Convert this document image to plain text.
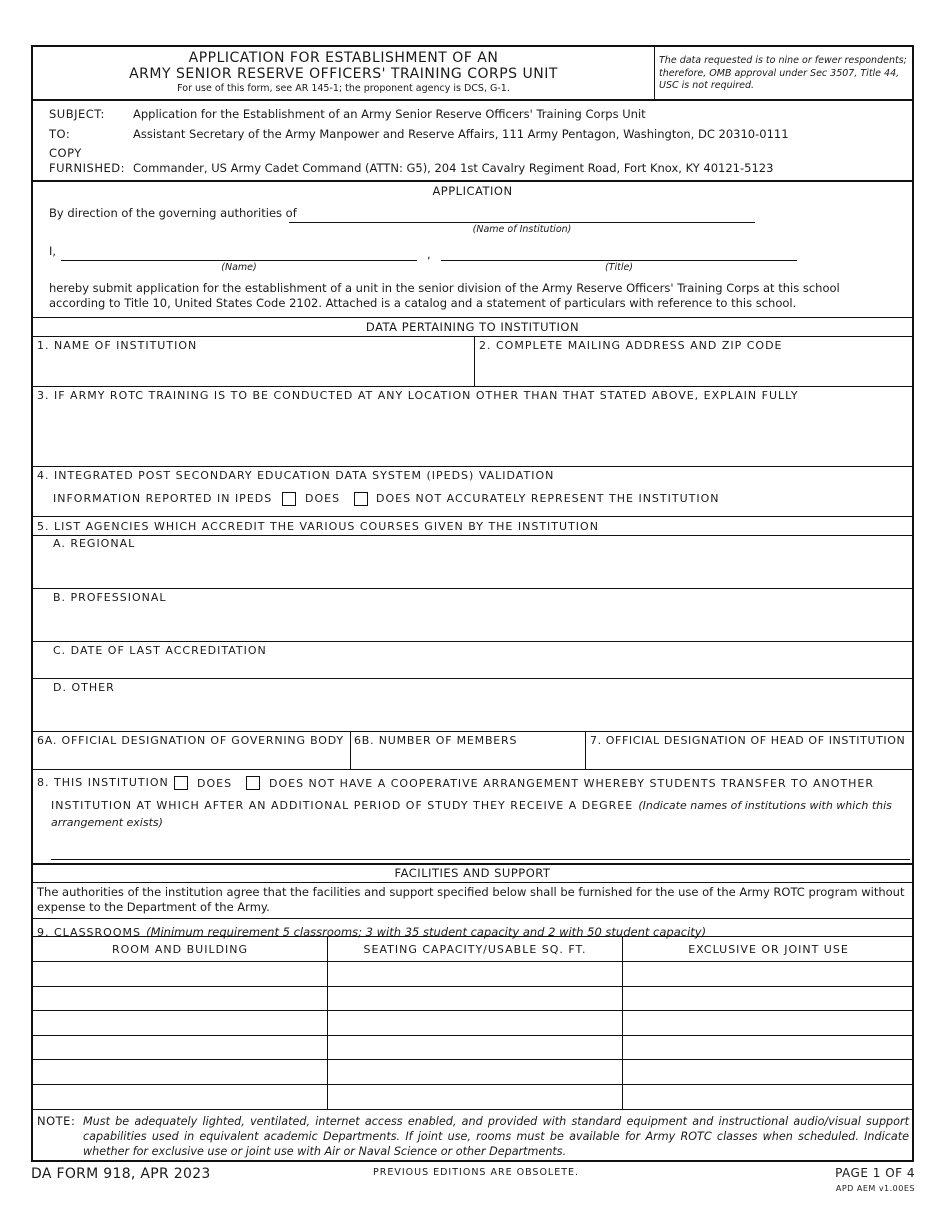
APPLICATION FOR ESTABLISHMENT OF AN
ARMY SENIOR RESERVE OFFICERS' TRAINING CORPS UNIT
For use of this form, see AR 145-1; the proponent agency is DCS, G-1.
The data requested is to nine or fewer respondents; therefore, OMB approval under Sec 3507, Title 44, USC is not required.
SUBJECT: Application for the Establishment of an Army Senior Reserve Officers' Training Corps Unit
TO:	Assistant Secretary of the Army Manpower and Reserve Affairs, 111 Army Pentagon, Washington, DC 20310-0111
COPY
FURNISHED: Commander, US Army Cadet Command (ATTN: G5), 204 1st Cavalry Regiment Road, Fort Knox, KY 40121-5123
APPLICATION
By direction of the governing authorities of
(Name of Institution)
I,	,
(Name)	(Title)
hereby submit application for the establishment of a unit in the senior division of the Army Reserve Officers' Training Corps at this school according to Title 10, United States Code 2102. Attached is a catalog and a statement of particulars with reference to this school.
DATA PERTAINING TO INSTITUTION
1. NAME OF INSTITUTION	2. COMPLETE MAILING ADDRESS AND ZIP CODE
3. IF ARMY ROTC TRAINING IS TO BE CONDUCTED AT ANY LOCATION OTHER THAN THAT STATED ABOVE, EXPLAIN FULLY
4. INTEGRATED POST SECONDARY EDUCATION DATA SYSTEM (IPEDS) VALIDATION
INFORMATION REPORTED IN IPEDS	DOES	DOES NOT ACCURATELY REPRESENT THE INSTITUTION
5. LIST AGENCIES WHICH ACCREDIT THE VARIOUS COURSES GIVEN BY THE INSTITUTION
A. REGIONAL
B. PROFESSIONAL
C. DATE OF LAST ACCREDITATION
D. OTHER
6A. OFFICIAL DESIGNATION OF GOVERNING BODY 6B. NUMBER OF MEMBERS	7. OFFICIAL DESIGNATION OF HEAD OF INSTITUTION
8. THIS INSTITUTION	DOES	DOES NOT HAVE A COOPERATIVE ARRANGEMENT WHEREBY STUDENTS TRANSFER TO ANOTHER
INSTITUTION AT WHICH AFTER AN ADDITIONAL PERIOD OF STUDY THEY RECEIVE A DEGREE (Indicate names of institutions with which this arrangement exists)
FACILITIES AND SUPPORT
The authorities of the institution agree that the facilities and support specified below shall be furnished for the use of the Army ROTC program without expense to the Department of the Army.
9. CLASSROOMS (Minimum requirement 5 classrooms; 3 with 35 student capacity and 2 with 50 student capacity)
ROOM AND BUILDING	SEATING CAPACITY/USABLE SQ. FT.	EXCLUSIVE OR JOINT USE
NOTE: Must be adequately lighted, ventilated, internet access enabled, and provided with standard equipment and instructional audio/visual support capabilities used in equivalent academic Departments. If joint use, rooms must be available for Army ROTC classes when scheduled. Indicate whether for exclusive use or joint use with Air or Naval Science or other Departments.
DA FORM 918, APR 2023	PREVIOUS EDITIONS ARE OBSOLETE.	PAGE 1 OF 4
APD AEM v1.00ES
